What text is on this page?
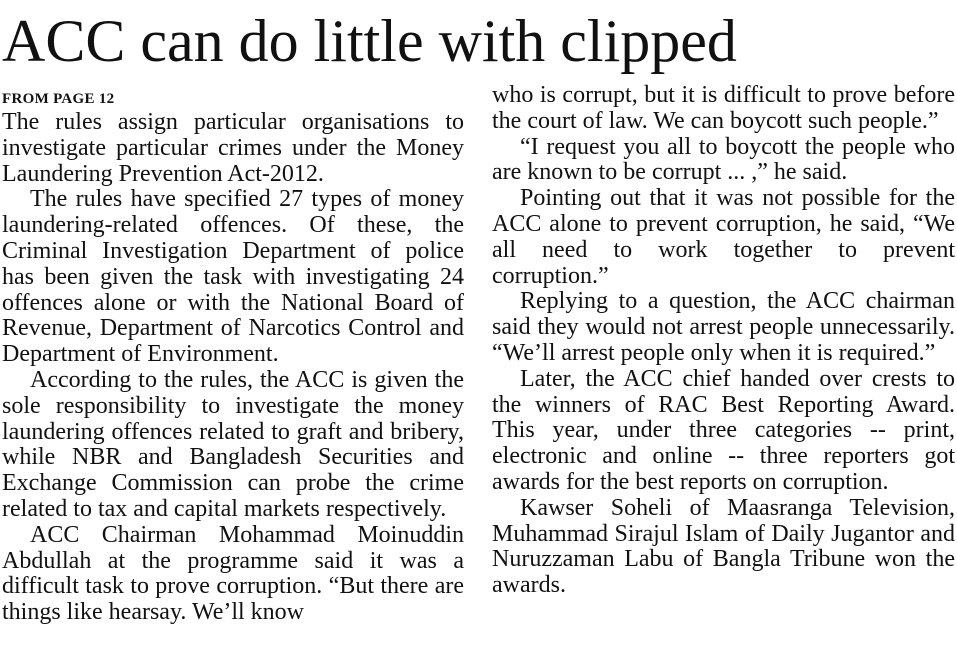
ACC can do little with clipped

FROM PAGE 12

The rules assign particular organisations to investigate particular crimes under the Money Laundering Prevention Act-2012.

The rules have specified 27 types of money laundering-related offences. Of these, the Criminal Investigation Department of police has been given the task with investigating 24 offences alone or with the National Board of Revenue, Department of Narcotics Control and Department of Environment.

According to the rules, the ACC is given the sole responsibility to investigate the money laundering offences related to graft and bribery, while NBR and Bangladesh Securities and Exchange Commission can probe the crime related to tax and capital markets respectively.

ACC Chairman Mohammad Moinuddin Abdullah at the programme said it was a difficult task to prove corruption. “But there are things like hearsay. We’ll know

who is corrupt, but it is difficult to prove before the court of law. We can boycott such people.”

“I request you all to boycott the people who are known to be corrupt ... ,” he said.

Pointing out that it was not possible for the ACC alone to prevent corruption, he said, “We all need to work together to prevent corruption.”

Replying to a question, the ACC chairman said they would not arrest people unnecessarily. “We’ll arrest people only when it is required.”

Later, the ACC chief handed over crests to the winners of RAC Best Reporting Award. This year, under three categories -- print, electronic and online -- three reporters got awards for the best reports on corruption.

Kawser Soheli of Maasranga Television, Muhammad Sirajul Islam of Daily Jugantor and Nuruzzaman Labu of Bangla Tribune won the awards.
